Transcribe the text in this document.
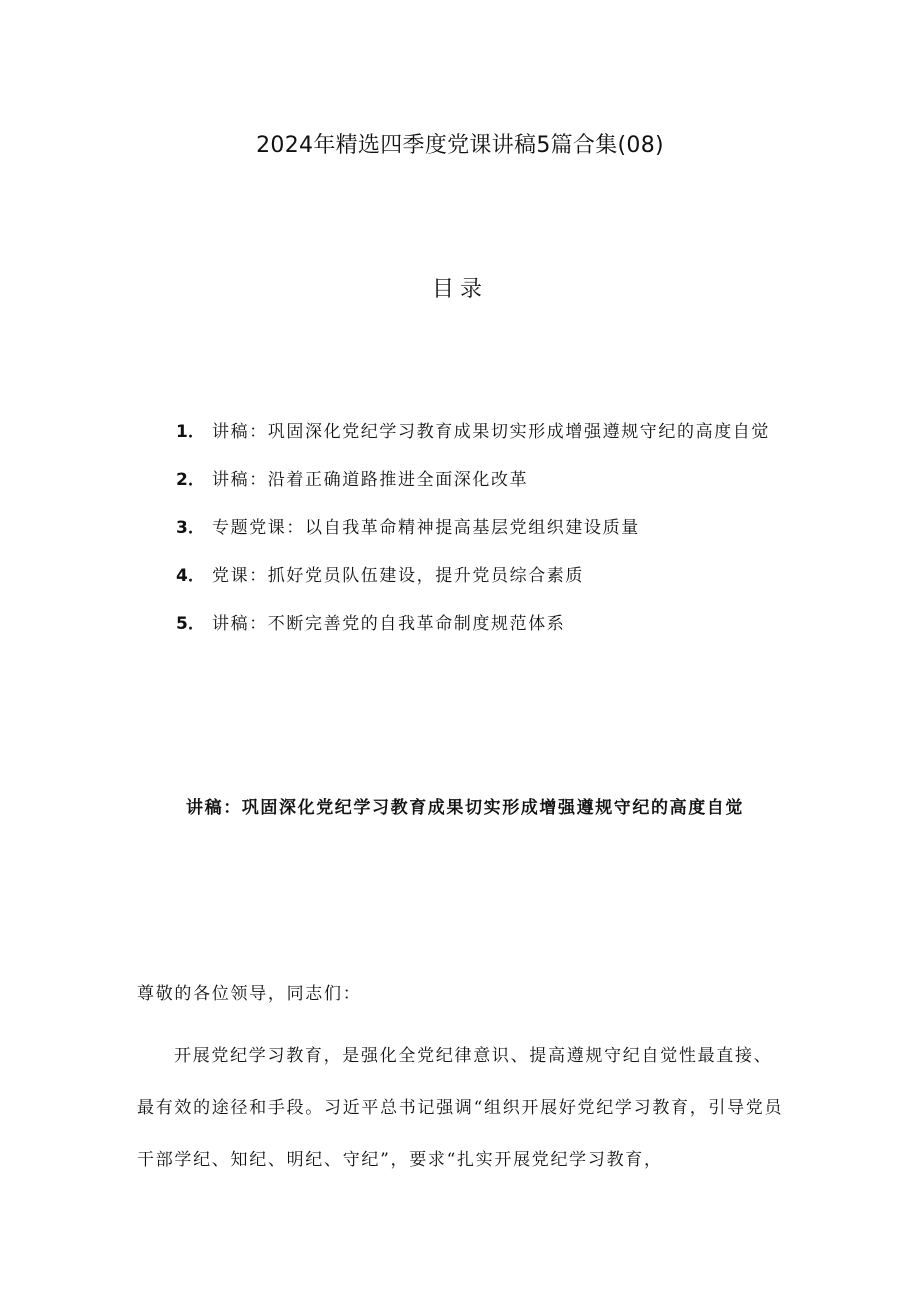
2024年精选四季度党课讲稿5篇合集(08)
目录
1． 讲稿：巩固深化党纪学习教育成果切实形成增强遵规守纪的高度自觉
2． 讲稿：沿着正确道路推进全面深化改革
3． 专题党课：以自我革命精神提高基层党组织建设质量
4． 党课：抓好党员队伍建设，提升党员综合素质
5． 讲稿：不断完善党的自我革命制度规范体系
讲稿：巩固深化党纪学习教育成果切实形成增强遵规守纪的高度自觉

尊敬的各位领导，同志们：

开展党纪学习教育，是强化全党纪律意识、提高遵规守纪自觉性最直接、最有效的途径和手段。习近平总书记强调“组织开展好党纪学习教育，引导党员干部学纪、知纪、明纪、守纪”，要求“扎实开展党纪学习教育，
